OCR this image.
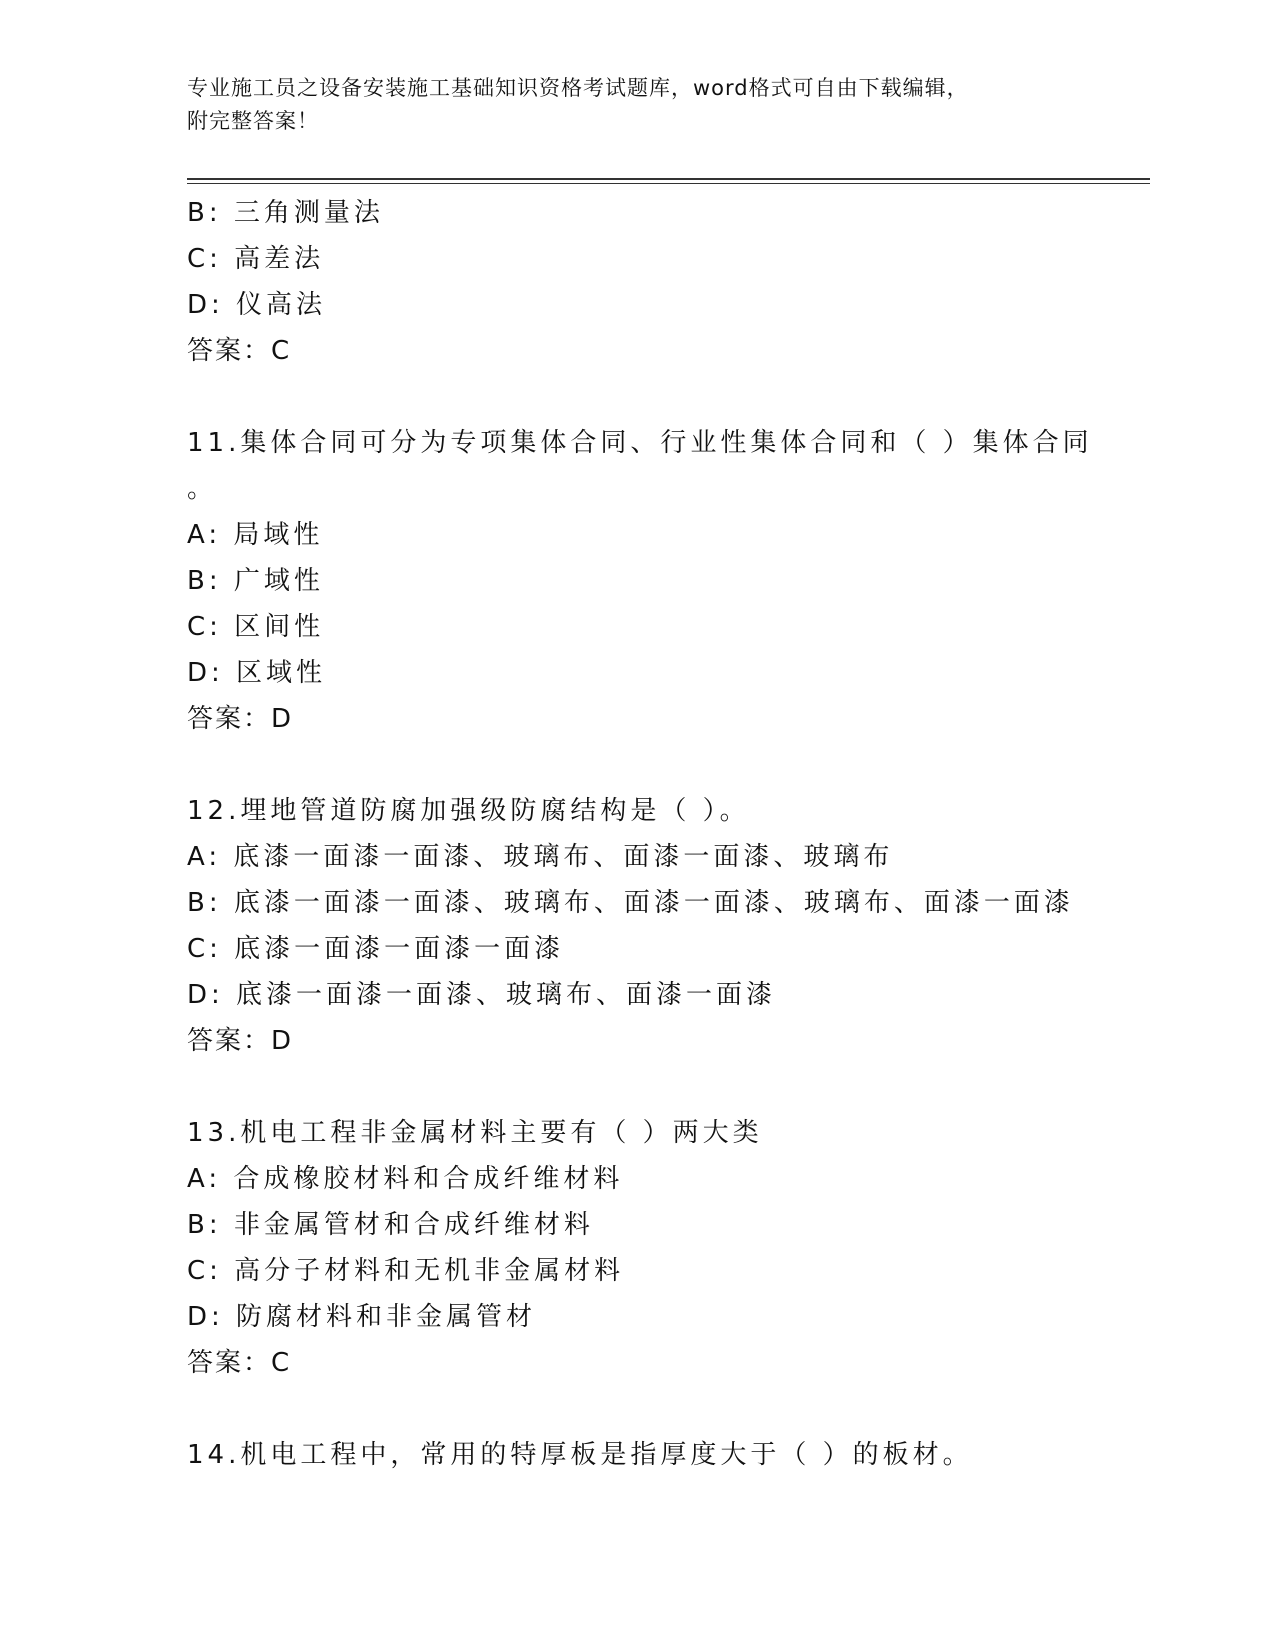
专业施工员之设备安装施工基础知识资格考试题库，word格式可自由下载编辑，
附完整答案！
B: 三角测量法
C: 高差法
D: 仪高法
答案：C
11.集体合同可分为专项集体合同、行业性集体合同和（ ）集体合同
。
A: 局域性
B: 广域性
C: 区间性
D: 区域性
答案：D
12.埋地管道防腐加强级防腐结构是（ ）。
A: 底漆一面漆一面漆、玻璃布、面漆一面漆、玻璃布
B: 底漆一面漆一面漆、玻璃布、面漆一面漆、玻璃布、面漆一面漆
C: 底漆一面漆一面漆一面漆
D: 底漆一面漆一面漆、玻璃布、面漆一面漆
答案：D
13.机电工程非金属材料主要有（ ）两大类
A: 合成橡胶材料和合成纤维材料
B: 非金属管材和合成纤维材料
C: 高分子材料和无机非金属材料
D: 防腐材料和非金属管材
答案：C
14.机电工程中，常用的特厚板是指厚度大于（ ）的板材。
